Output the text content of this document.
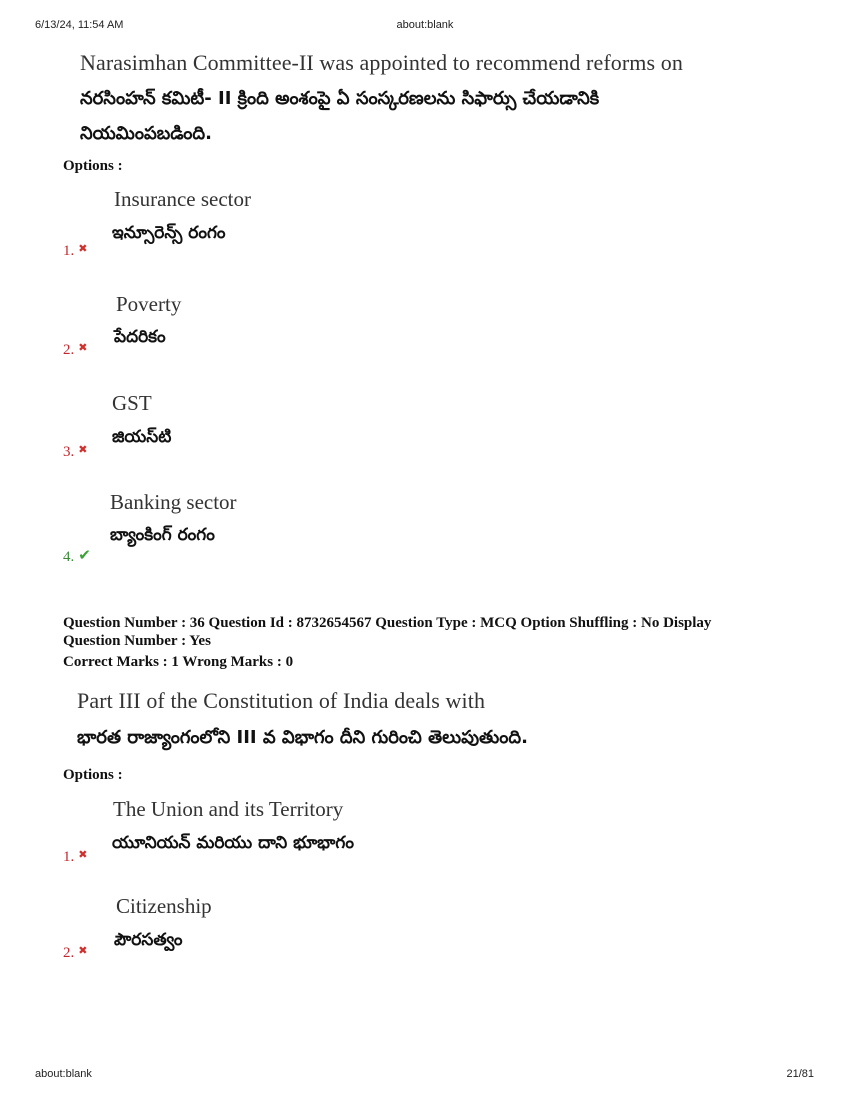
6/13/24, 11:54 AM	about:blank
Narasimhan Committee-II was appointed to recommend reforms on
నరసింహన్ కమిటీ- II క్రింది అంశంపై ఏ సంస్కరణలను సిఫార్సు చేయడానికి
నియమింపబడింది.
Options :
Insurance sector
ఇన్సూరెన్స్ రంగం
1. ✖
Poverty
పేదరికం
2. ✖
GST
జియస్‌టి
3. ✖
Banking sector
బ్యాంకింగ్ రంగం
4. ✔
Question Number : 36 Question Id : 8732654567 Question Type : MCQ Option Shuffling : No Display
Question Number : Yes
Correct Marks : 1 Wrong Marks : 0
Part III of the Constitution of India deals with
భారత రాజ్యాంగంలోని III వ విభాగం దీని గురించి తెలుపుతుంది.
Options :
The Union and its Territory
యూనియన్ మరియు దాని భూభాగం
1. ✖
Citizenship
పౌరసత్వం
2. ✖
about:blank	21/81
